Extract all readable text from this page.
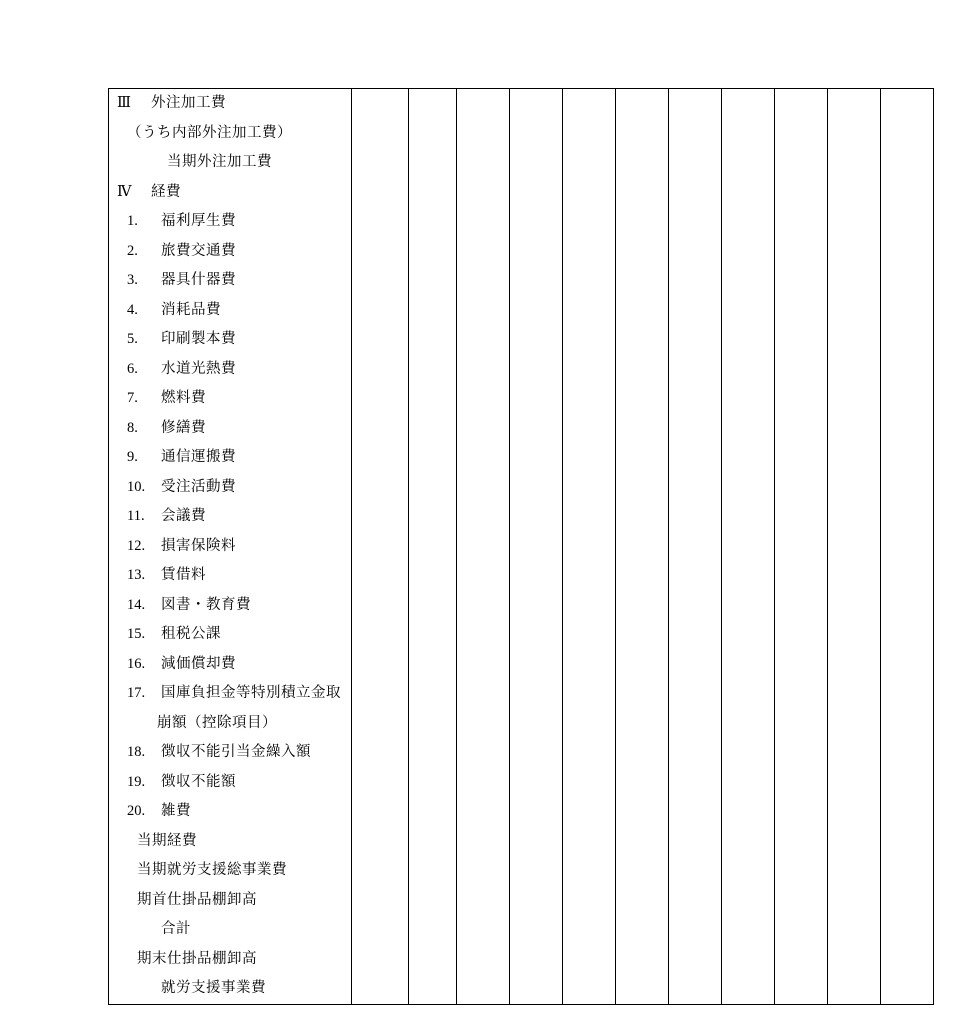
Ⅲ 外注加工費											

（うち内部外注加工費）											

当期外注加工費											

Ⅳ 経費											
1. 福利厚生費											
2. 旅費交通費											
3. 器具什器費											
4. 消耗品費											
5. 印刷製本費											
6. 水道光熱費											
7. 燃料費											
8. 修繕費											
9. 通信運搬費											
10. 受注活動費											
11. 会議費											
12. 損害保険料											
13. 賃借料											
14. 図書・教育費											
15. 租税公課											
16. 減価償却費											
17. 国庫負担金等特別積立金取											

崩額（控除項目）											

18. 徴収不能引当金繰入額											
19. 徴収不能額											
20. 雑費											

当期経費											

当期就労支援総事業費											

期首仕掛品棚卸高											

合計											

期末仕掛品棚卸高											

就労支援事業費											
